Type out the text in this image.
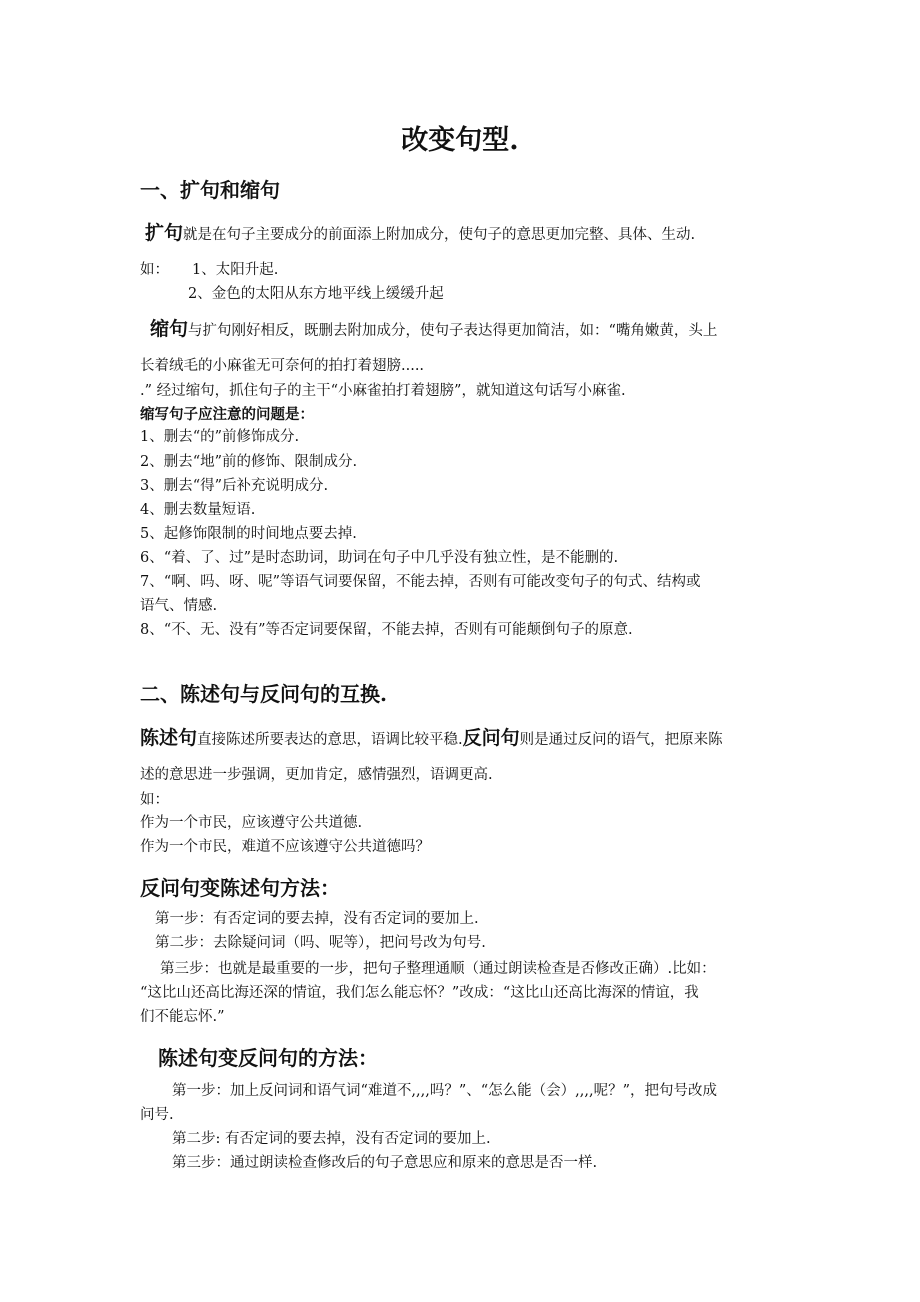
改变句型.
一、扩句和缩句
扩句就是在句子主要成分的前面添上附加成分，使句子的意思更加完整、具体、生动.
如： 1、太阳升起.
2、金色的太阳从东方地平线上缓缓升起
缩句与扩句刚好相反，既删去附加成分，使句子表达得更加简洁，如：“嘴角嫩黄，头上
长着绒毛的小麻雀无可奈何的拍打着翅膀.....
.” 经过缩句，抓住句子的主干“小麻雀拍打着翅膀”，就知道这句话写小麻雀.
缩写句子应注意的问题是：
1、删去“的”前修饰成分.
2、删去“地”前的修饰、限制成分.
3、删去“得”后补充说明成分.
4、删去数量短语.
5、起修饰限制的时间地点要去掉.
6、“着、了、过”是时态助词，助词在句子中几乎没有独立性，是不能删的.
7、“啊、吗、呀、呢”等语气词要保留，不能去掉，否则有可能改变句子的句式、结构或
语气、情感.
8、“不、无、没有”等否定词要保留，不能去掉，否则有可能颠倒句子的原意.
二、陈述句与反问句的互换.
陈述句直接陈述所要表达的意思，语调比较平稳.反问句则是通过反问的语气，把原来陈
述的意思进一步强调，更加肯定，感情强烈，语调更高.
如：
作为一个市民，应该遵守公共道德.
作为一个市民，难道不应该遵守公共道德吗？
反问句变陈述句方法：
第一步：有否定词的要去掉，没有否定词的要加上.
第二步：去除疑问词（吗、呢等），把问号改为句号.
第三步：也就是最重要的一步，把句子整理通顺（通过朗读检查是否修改正确）.比如：
“这比山还高比海还深的情谊，我们怎么能忘怀？”改成：“这比山还高比海深的情谊，我
们不能忘怀.”
陈述句变反问句的方法：
第一步：加上反问词和语气词“难道不,,,,吗？”、“怎么能（会）,,,,呢？”，把句号改成
问号.
第二步: 有否定词的要去掉，没有否定词的要加上.
第三步：通过朗读检查修改后的句子意思应和原来的意思是否一样.
